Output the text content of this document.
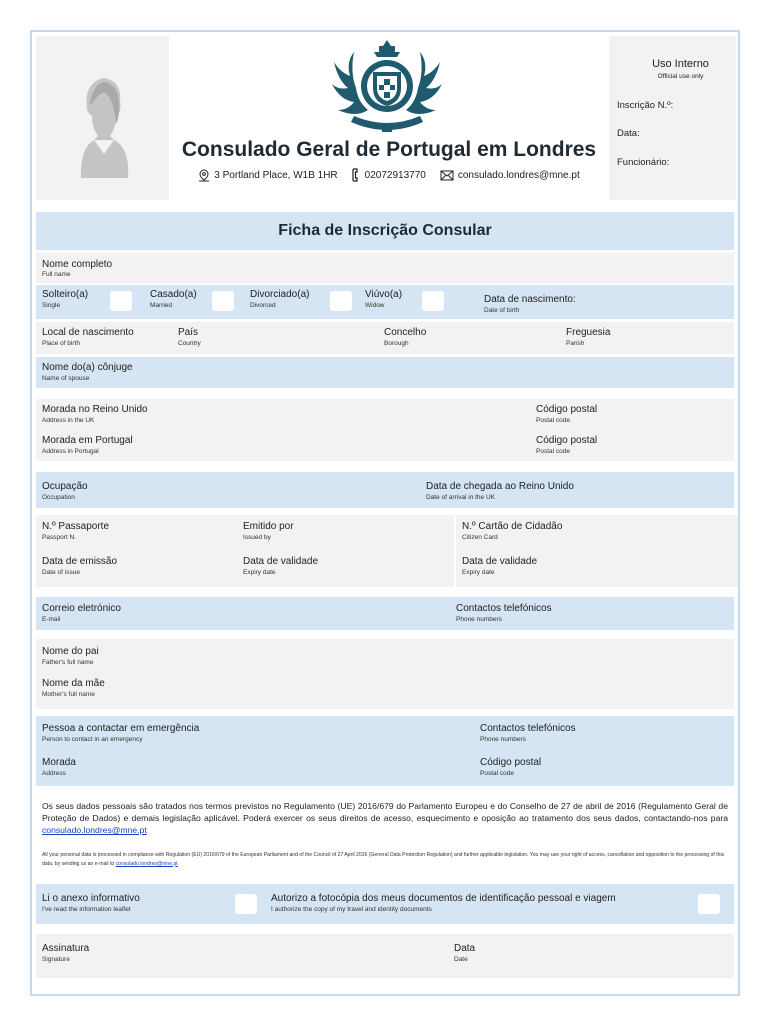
Uso Interno
Official use only
Inscrição N.º:
Data:
Funcionário:
Consulado Geral de Portugal em Londres
3 Portland Place, W1B 1HR	02072913770	consulado.londres@mne.pt
Ficha de Inscrição Consular
Nome completo
Full name
Solteiro(a)
Single
Casado(a)
Married
Divorciado(a)
Divorced
Viúvo(a)
Widow
Data de nascimento:
Date of birth
Local de nascimento
Place of birth
País
Country
Concelho
Borough
Freguesia
Parish
Nome do(a) cônjuge
Name of spouse
Morada no Reino Unido
Address in the UK
Código postal
Postal code
Morada em Portugal
Address in Portugal
Código postal
Postal code
Ocupação
Occupation
Data de chegada ao Reino Unido
Date of arrival in the UK
N.º Passaporte
Passport N.
Emitido por
Issued by
N.º Cartão de Cidadão
Citizen Card
Data de emissão
Date of issue
Data de validade
Expiry date
Data de validade
Expiry date
Correio eletrónico
E-mail
Contactos telefónicos
Phone numbers
Nome do pai
Father's full name
Nome da mãe
Mother's full name
Pessoa a contactar em emergência
Person to contact in an emergency
Contactos telefónicos
Phone numbers
Morada
Address
Código postal
Postal code
Os seus dados pessoais são tratados nos termos previstos no Regulamento (UE) 2016/679 do Parlamento Europeu e do Conselho de 27 de abril de 2016 (Regulamento Geral de Proteção de Dados) e demais legislação aplicável. Poderá exercer os seus direitos de acesso, esquecimento e oposição ao tratamento dos seus dados, contactando-nos para consulado.londres@mne.pt
All your personal data is processed in compliance with Regulation (EU) 2016/679 of the European Parliament and of the Council of 27 April 2016 (General Data Protection Regulation) and further applicable legislation. You may use your right of access, cancellation and opposition to the processing of this data, by sending us an e-mail to consulado.londres@mne.pt
Li o anexo informativo
I've read the information leaflet
Autorizo a fotocópia dos meus documentos de identificação pessoal e viagem
I authorize the copy of my travel and identity documents
Assinatura
Signature
Data
Date
